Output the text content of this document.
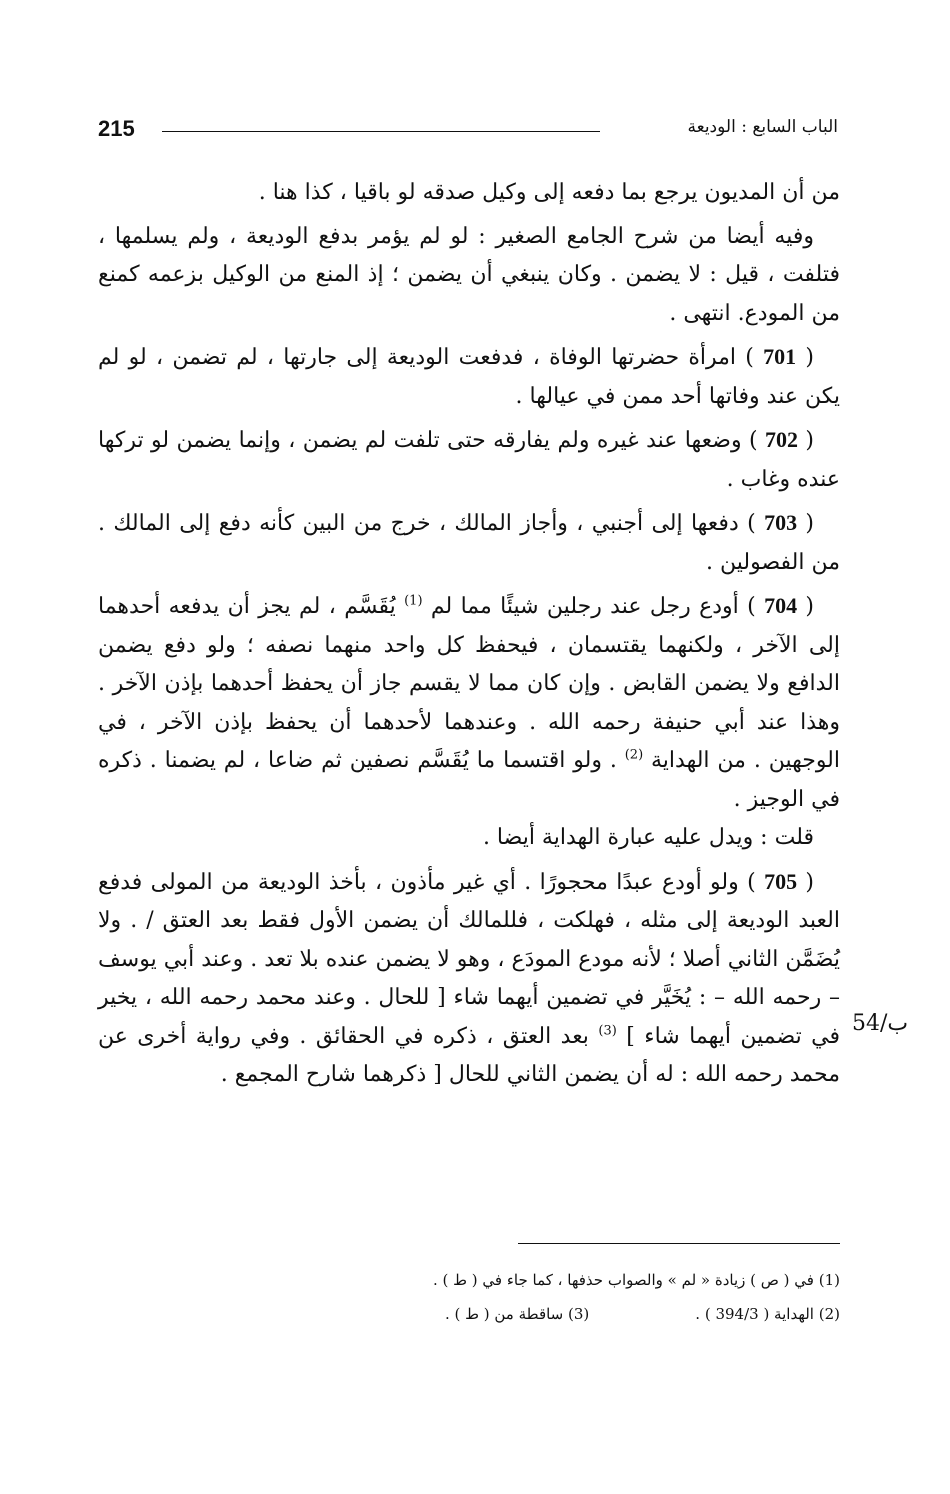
215	الباب السابع : الوديعة

من أن المديون يرجع بما دفعه إلى وكيل صدقه لو باقيا ، كذا هنا .

وفيه أيضا من شرح الجامع الصغير : لو لم يؤمر بدفع الوديعة ، ولم يسلمها ، فتلفت ، قيل : لا يضمن . وكان ينبغي أن يضمن ؛ إذ المنع من الوكيل بزعمه كمنع من المودع. انتهى .

( 701 ) امرأة حضرتها الوفاة ، فدفعت الوديعة إلى جارتها ، لم تضمن ، لو لم يكن عند وفاتها أحد ممن في عيالها .

( 702 ) وضعها عند غيره ولم يفارقه حتى تلفت لم يضمن ، وإنما يضمن لو تركها عنده وغاب .

( 703 ) دفعها إلى أجنبي ، وأجاز المالك ، خرج من البين كأنه دفع إلى المالك . من الفصولين .

( 704 ) أودع رجل عند رجلين شيئًا مما لم $^{(1)}$ يُقَسَّم ، لم يجز أن يدفعه أحدهما إلى الآخر ، ولكنهما يقتسمان ، فيحفظ كل واحد منهما نصفه ؛ ولو دفع يضمن الدافع ولا يضمن القابض . وإن كان مما لا يقسم جاز أن يحفظ أحدهما بإذن الآخر . وهذا عند أبي حنيفة رحمه الله . وعندهما لأحدهما أن يحفظ بإذن الآخر ، في الوجهين . من الهداية $^{(2)}$ . ولو اقتسما ما يُقَسَّم نصفين ثم ضاعا ، لم يضمنا . ذكره في الوجيز .

قلت : ويدل عليه عبارة الهداية أيضا .

( 705 ) ولو أودع عبدًا محجورًا . أي غير مأذون ، بأخذ الوديعة من المولى فدفع العبد الوديعة إلى مثله ، فهلكت ، فللمالك أن يضمن الأول فقط بعد العتق / . ولا يُضَمَّن الثاني أصلا ؛ لأنه مودع المودَع ، وهو لا يضمن عنده بلا تعد . وعند أبي يوسف – رحمه الله – : يُخَيَّر في تضمين أيهما شاء [ للحال . وعند محمد رحمه الله ، يخير في تضمين أيهما شاء ] $^{(3)}$ بعد العتق ، ذكره في الحقائق . وفي رواية أخرى عن محمد رحمه الله : له أن يضمن الثاني للحال [ ذكرهما شارح المجمع .

54/ب
(1) في ( ص ) زيادة « لم » والصواب حذفها ، كما جاء في ( ط ) .
(2) الهداية ( 394/3 ) .(3) ساقطة من ( ط ) .
